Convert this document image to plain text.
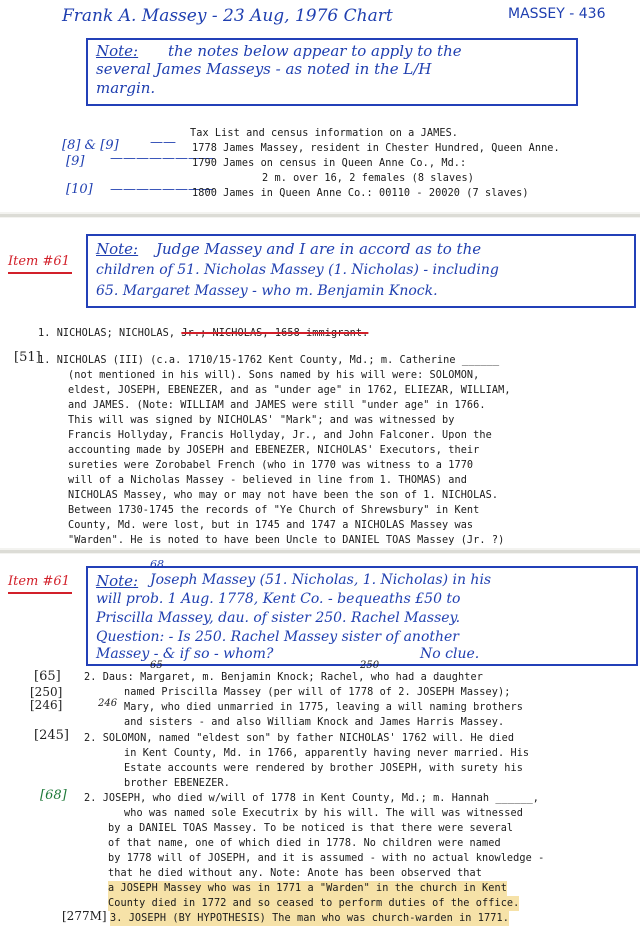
Frank A. Massey - 23 Aug, 1976 Chart	MASSEY - 436
Note: the notes below appear to apply to the
several James Masseys - as noted in the L/H
margin.
Tax List and census information on a JAMES.
[8] & [9] —— 1778 James Massey, resident in Chester Hundred, Queen Anne.
[9] ————————
1790 James on census in Queen Anne Co., Md.:
2 m. over 16, 2 females (8 slaves)
[10] ————————
1800 James in Queen Anne Co.: 00110 - 20020 (7 slaves)
Item #61
Note: Judge Massey and I are in accord as to the
children of 51. Nicholas Massey (1. Nicholas) - including
65. Margaret Massey - who m. Benjamin Knock.
1. NICHOLAS; NICHOLAS, Jr.; NICHOLAS, 1658 immigrant.
[51]
1. NICHOLAS (III) (c.a. 1710/15-1762 Kent County, Md.; m. Catherine ______
(not mentioned in his will). Sons named by his will were: SOLOMON,
eldest, JOSEPH, EBENEZER, and as "under age" in 1762, ELIEZAR, WILLIAM,
and JAMES. (Note: WILLIAM and JAMES were still "under age" in 1766.
This will was signed by NICHOLAS' "Mark"; and was witnessed by
Francis Hollyday, Francis Hollyday, Jr., and John Falconer. Upon the
accounting made by JOSEPH and EBENEZER, NICHOLAS' Executors, their
sureties were Zorobabel French (who in 1770 was witness to a 1770
will of a Nicholas Massey - believed in line from 1. THOMAS) and
NICHOLAS Massey, who may or may not have been the son of 1. NICHOLAS.
Between 1730-1745 the records of "Ye Church of Shrewsbury" in Kent
County, Md. were lost, but in 1745 and 1747 a NICHOLAS Massey was
"Warden". He is noted to have been Uncle to DANIEL TOAS Massey (Jr. ?)
Item #61
68.
Note: Joseph Massey (51. Nicholas, 1. Nicholas) in his
will prob. 1 Aug. 1778, Kent Co. - bequeaths £50 to
Priscilla Massey, dau. of sister 250. Rachel Massey.
Question: - Is 250. Rachel Massey sister of another
Massey - & if so - whom?	No clue.
[65]
[250]
[246]
65	250
246
2. Daus: Margaret, m. Benjamin Knock; Rachel, who had a daughter
named Priscilla Massey (per will of 1778 of 2. JOSEPH Massey);
Mary, who died unmarried in 1775, leaving a will naming brothers
and sisters - and also William Knock and James Harris Massey.
[245] 2. SOLOMON, named "eldest son" by father NICHOLAS' 1762 will. He died
in Kent County, Md. in 1766, apparently having never married. His
Estate accounts were rendered by brother JOSEPH, with surety his
brother EBENEZER.
[68] 2. JOSEPH, who died w/will of 1778 in Kent County, Md.; m. Hannah ______,
who was named sole Executrix by his will. The will was witnessed
by a DANIEL TOAS Massey. To be noticed is that there were several
of that name, one of which died in 1778. No children were named
by 1778 will of JOSEPH, and it is assumed - with no actual knowledge -
that he died without any. Note: Anote has been observed that
a JOSEPH Massey who was in 1771 a "Warden" in the church in Kent
County died in 1772 and so ceased to perform duties of the office.
[277M] 3. JOSEPH (BY HYPOTHESIS) The man who was church-warden in 1771.
